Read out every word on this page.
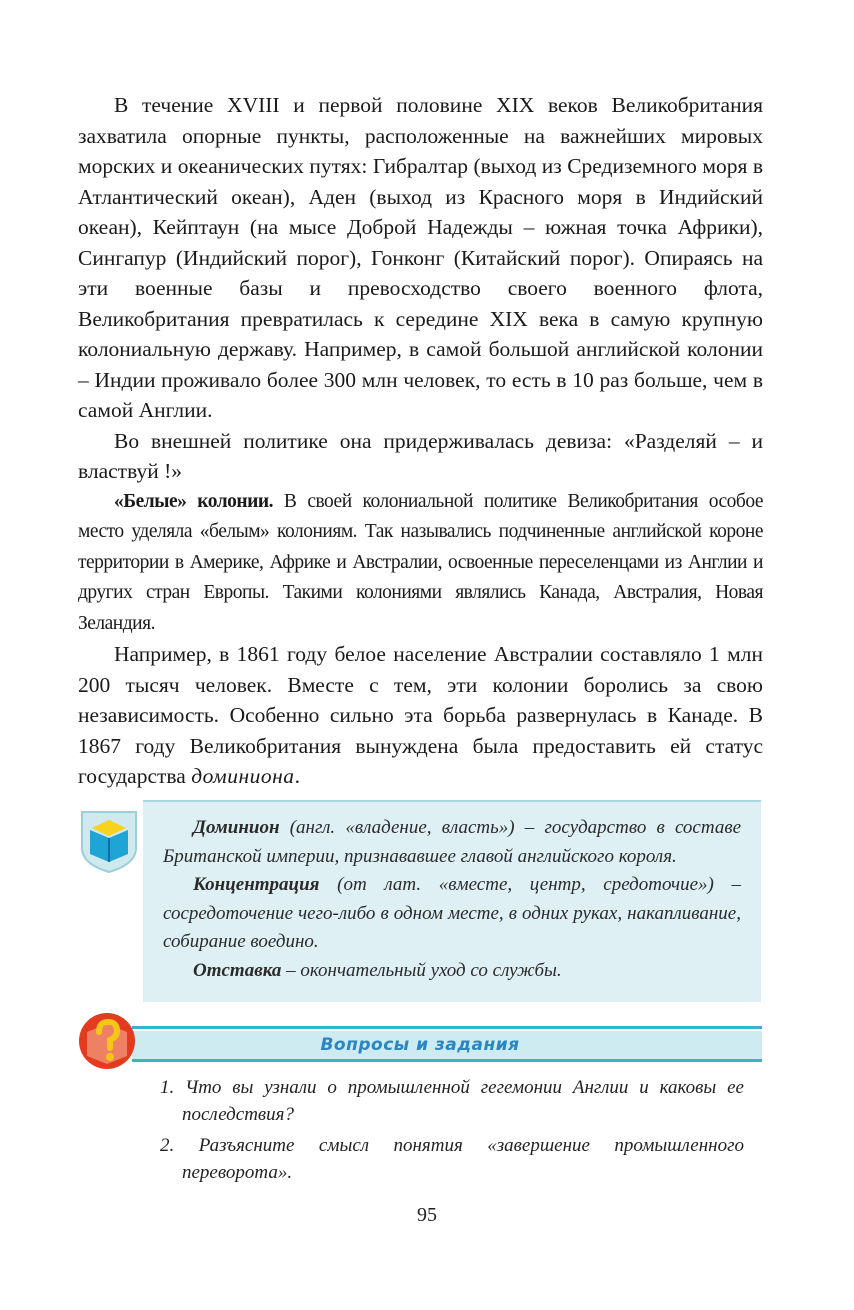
В течение XVIII и первой половине XIX веков Великобритания захватила опорные пункты, расположенные на важнейших мировых морских и океанических путях: Гибралтар (выход из Средиземного моря в Атлантический океан), Аден (выход из Красного моря в Индийский океан), Кейптаун (на мысе Доброй Надежды – южная точка Африки), Сингапур (Индийский порог), Гонконг (Китайский порог). Опираясь на эти военные базы и превосходство своего военного флота, Великобритания превратилась к середине XIX века в самую крупную колониальную державу. Например, в самой большой английской колонии – Индии проживало более 300 млн человек, то есть в 10 раз больше, чем в самой Англии.

Во внешней политике она придерживалась девиза: «Разделяй – и властвуй !»

«Белые» колонии. В своей колониальной политике Великобритания особое место уделяла «белым» колониям. Так назывались подчиненные английской короне территории в Америке, Африке и Австралии, освоенные переселенцами из Англии и других стран Европы. Такими колониями являлись Канада, Австралия, Новая Зеландия.

Например, в 1861 году белое население Австралии составляло 1 млн 200 тысяч человек. Вместе с тем, эти колонии боролись за свою независимость. Особенно сильно эта борьба развернулась в Канаде. В 1867 году Великобритания вынуждена была предоставить ей статус государства доминиона.

Доминион (англ. «владение, власть») – государство в составе Британской империи, признававшее главой английского короля.

Концентрация (от лат. «вместе, центр, средоточие») – сосредоточение чего-либо в одном месте, в одних руках, накапливание, собирание воедино.

Отставка – окончательный уход со службы.

Вопросы и задания
1. Что вы узнали о промышленной гегемонии Англии и каковы ее последствия?
2. Разъясните смысл понятия «завершение промышленного переворота».
95
